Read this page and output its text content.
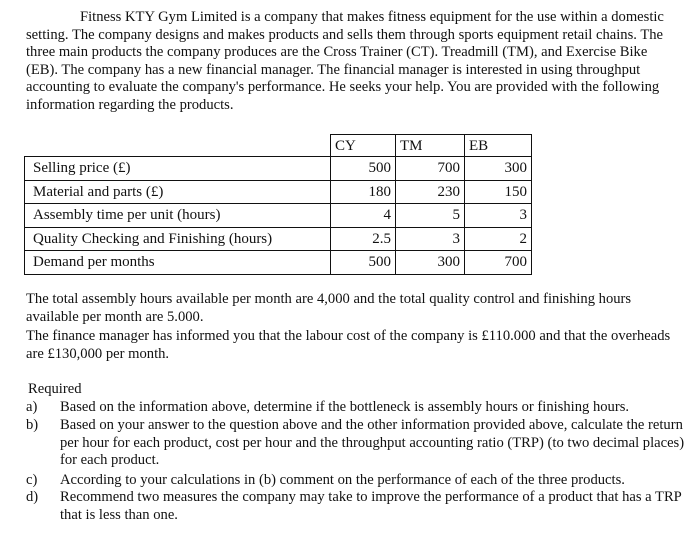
Fitness KTY Gym Limited is a company that makes fitness equipment for the use within a domestic setting. The company designs and makes products and sells them through sports equipment retail chains. The three main products the company produces are the Cross Trainer (CT). Treadmill (TM), and Exercise Bike (EB). The company has a new financial manager. The financial manager is interested in using throughput accounting to evaluate the company's performance. He seeks your help. You are provided with the following information regarding the products.

	CY	TM	EB
Selling price (£)	500	700	300
Material and parts (£)	180	230	150
Assembly time per unit (hours)	4	5	3
Quality Checking and Finishing (hours)	2.5	3	2
Demand per months	500	300	700

The total assembly hours available per month are 4,000 and the total quality control and finishing hours available per month are 5.000.

The finance manager has informed you that the labour cost of the company is £110.000 and that the overheads are £130,000 per month.

Required

a)	Based on the information above, determine if the bottleneck is assembly hours or finishing hours.
b)	Based on your answer to the question above and the other information provided above, calculate the return per hour for each product, cost per hour and the throughput accounting ratio (TRP) (to two decimal places) for each product.
c)	According to your calculations in (b) comment on the performance of each of the three products.
d)	Recommend two measures the company may take to improve the performance of a product that has a TRP that is less than one.
